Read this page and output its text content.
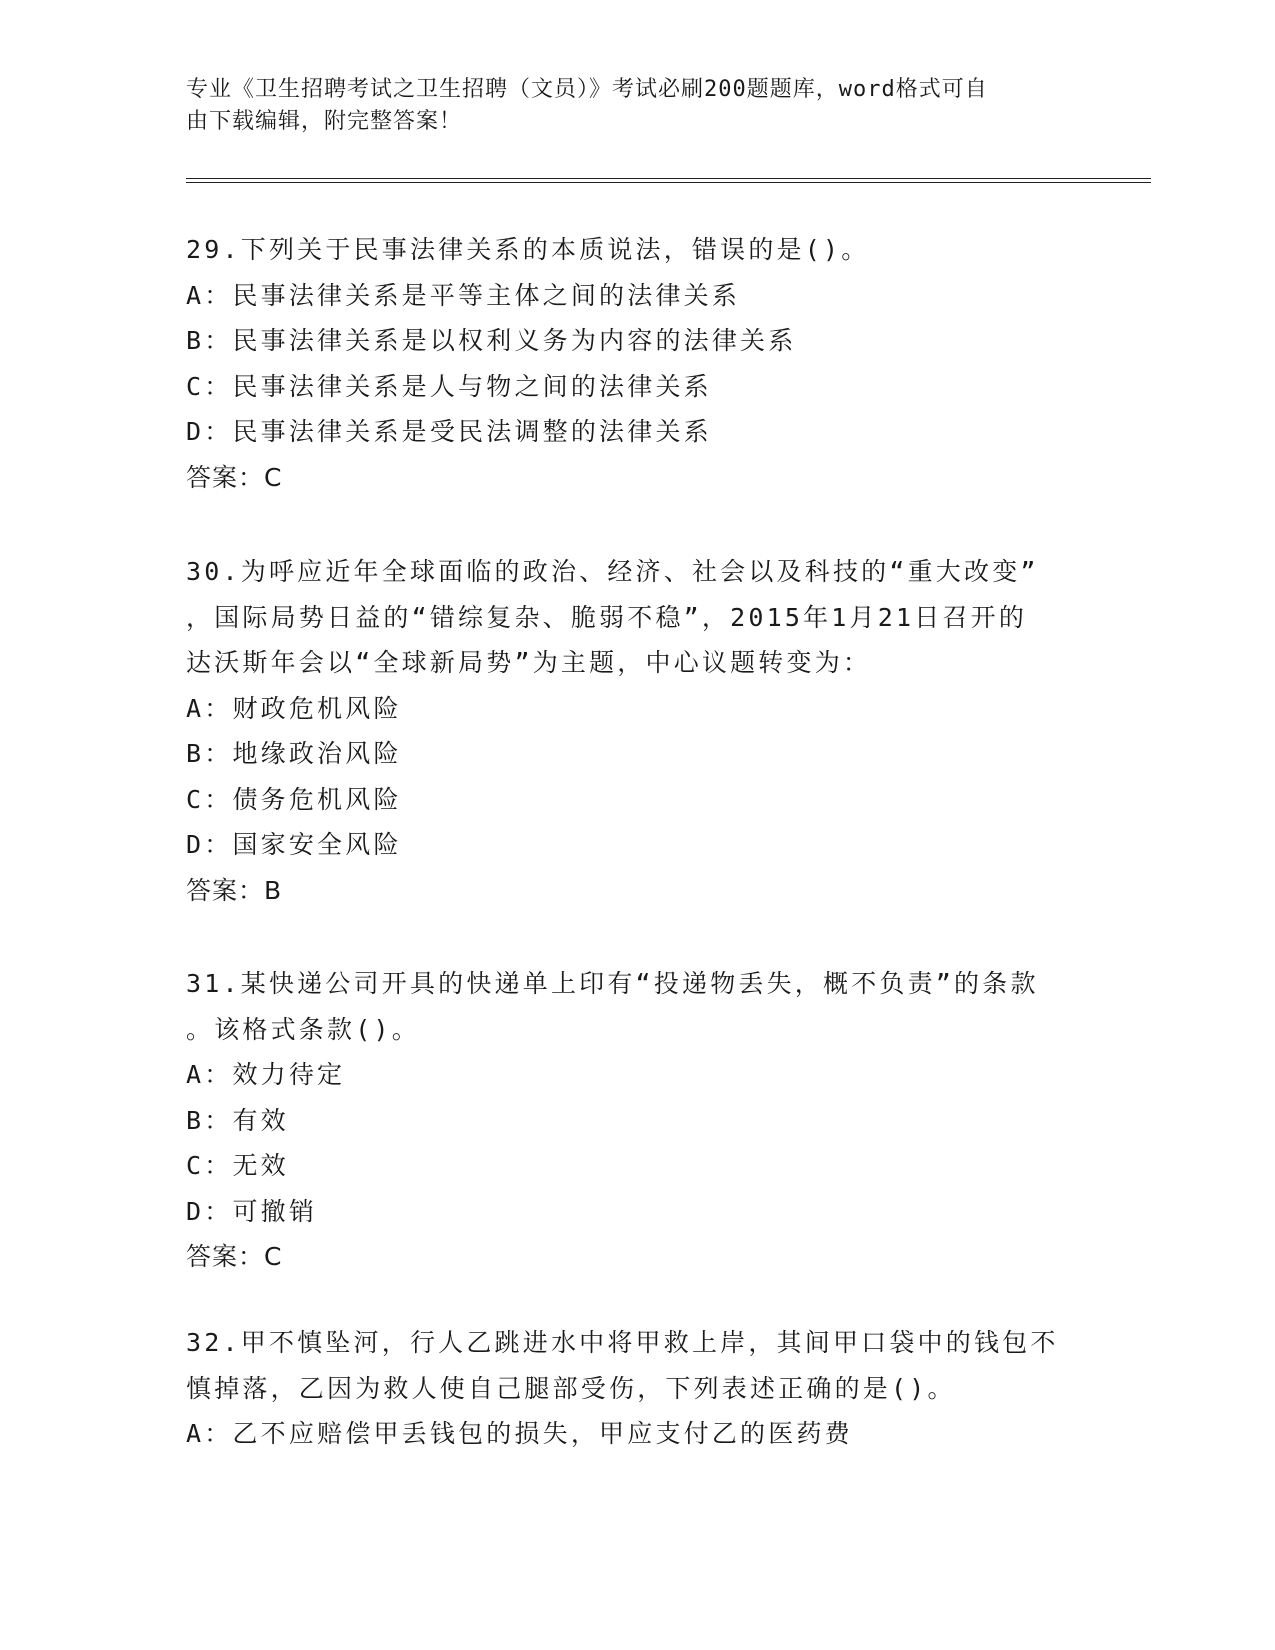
专业《卫生招聘考试之卫生招聘（文员）》考试必刷200题题库，word格式可自
由下载编辑，附完整答案！
29.下列关于民事法律关系的本质说法，错误的是()。
A：民事法律关系是平等主体之间的法律关系
B：民事法律关系是以权利义务为内容的法律关系
C：民事法律关系是人与物之间的法律关系
D：民事法律关系是受民法调整的法律关系
答案：C
30.为呼应近年全球面临的政治、经济、社会以及科技的“重大改变”
，国际局势日益的“错综复杂、脆弱不稳”，2015年1月21日召开的
达沃斯年会以“全球新局势”为主题，中心议题转变为：
A：财政危机风险
B：地缘政治风险
C：债务危机风险
D：国家安全风险
答案：B
31.某快递公司开具的快递单上印有“投递物丢失，概不负责”的条款
。该格式条款()。
A：效力待定
B：有效
C：无效
D：可撤销
答案：C
32.甲不慎坠河，行人乙跳进水中将甲救上岸，其间甲口袋中的钱包不
慎掉落，乙因为救人使自己腿部受伤，下列表述正确的是()。
A：乙不应赔偿甲丢钱包的损失，甲应支付乙的医药费
